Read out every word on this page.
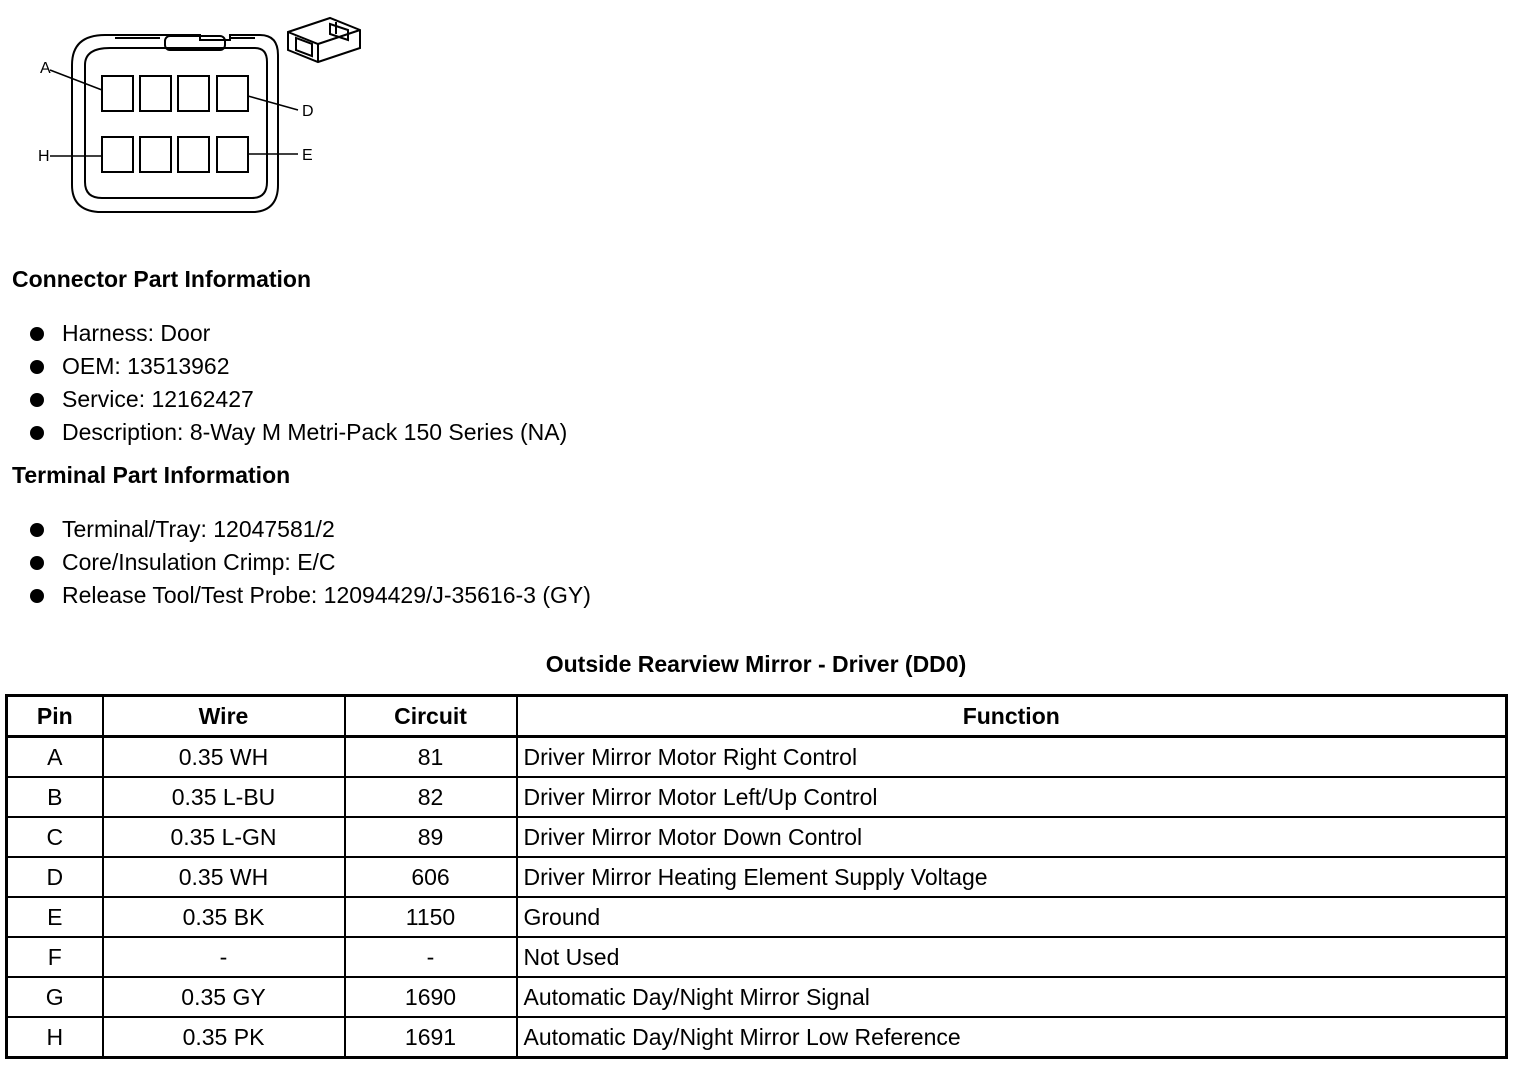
A
D
H	E
Connector Part Information
Harness: Door
OEM: 13513962
Service: 12162427
Description: 8-Way M Metri-Pack 150 Series (NA)
Terminal Part Information
Terminal/Tray: 12047581/2
Core/Insulation Crimp: E/C
Release Tool/Test Probe: 12094429/J-35616-3 (GY)
Outside Rearview Mirror - Driver (DD0)
Pin	Wire	Circuit	Function
A	0.35 WH	81	Driver Mirror Motor Right Control
B	0.35 L-BU	82	Driver Mirror Motor Left/Up Control
C	0.35 L-GN	89	Driver Mirror Motor Down Control
D	0.35 WH	606	Driver Mirror Heating Element Supply Voltage
E	0.35 BK	1150	Ground
F	-	-	Not Used
G	0.35 GY	1690	Automatic Day/Night Mirror Signal
H	0.35 PK	1691	Automatic Day/Night Mirror Low Reference
